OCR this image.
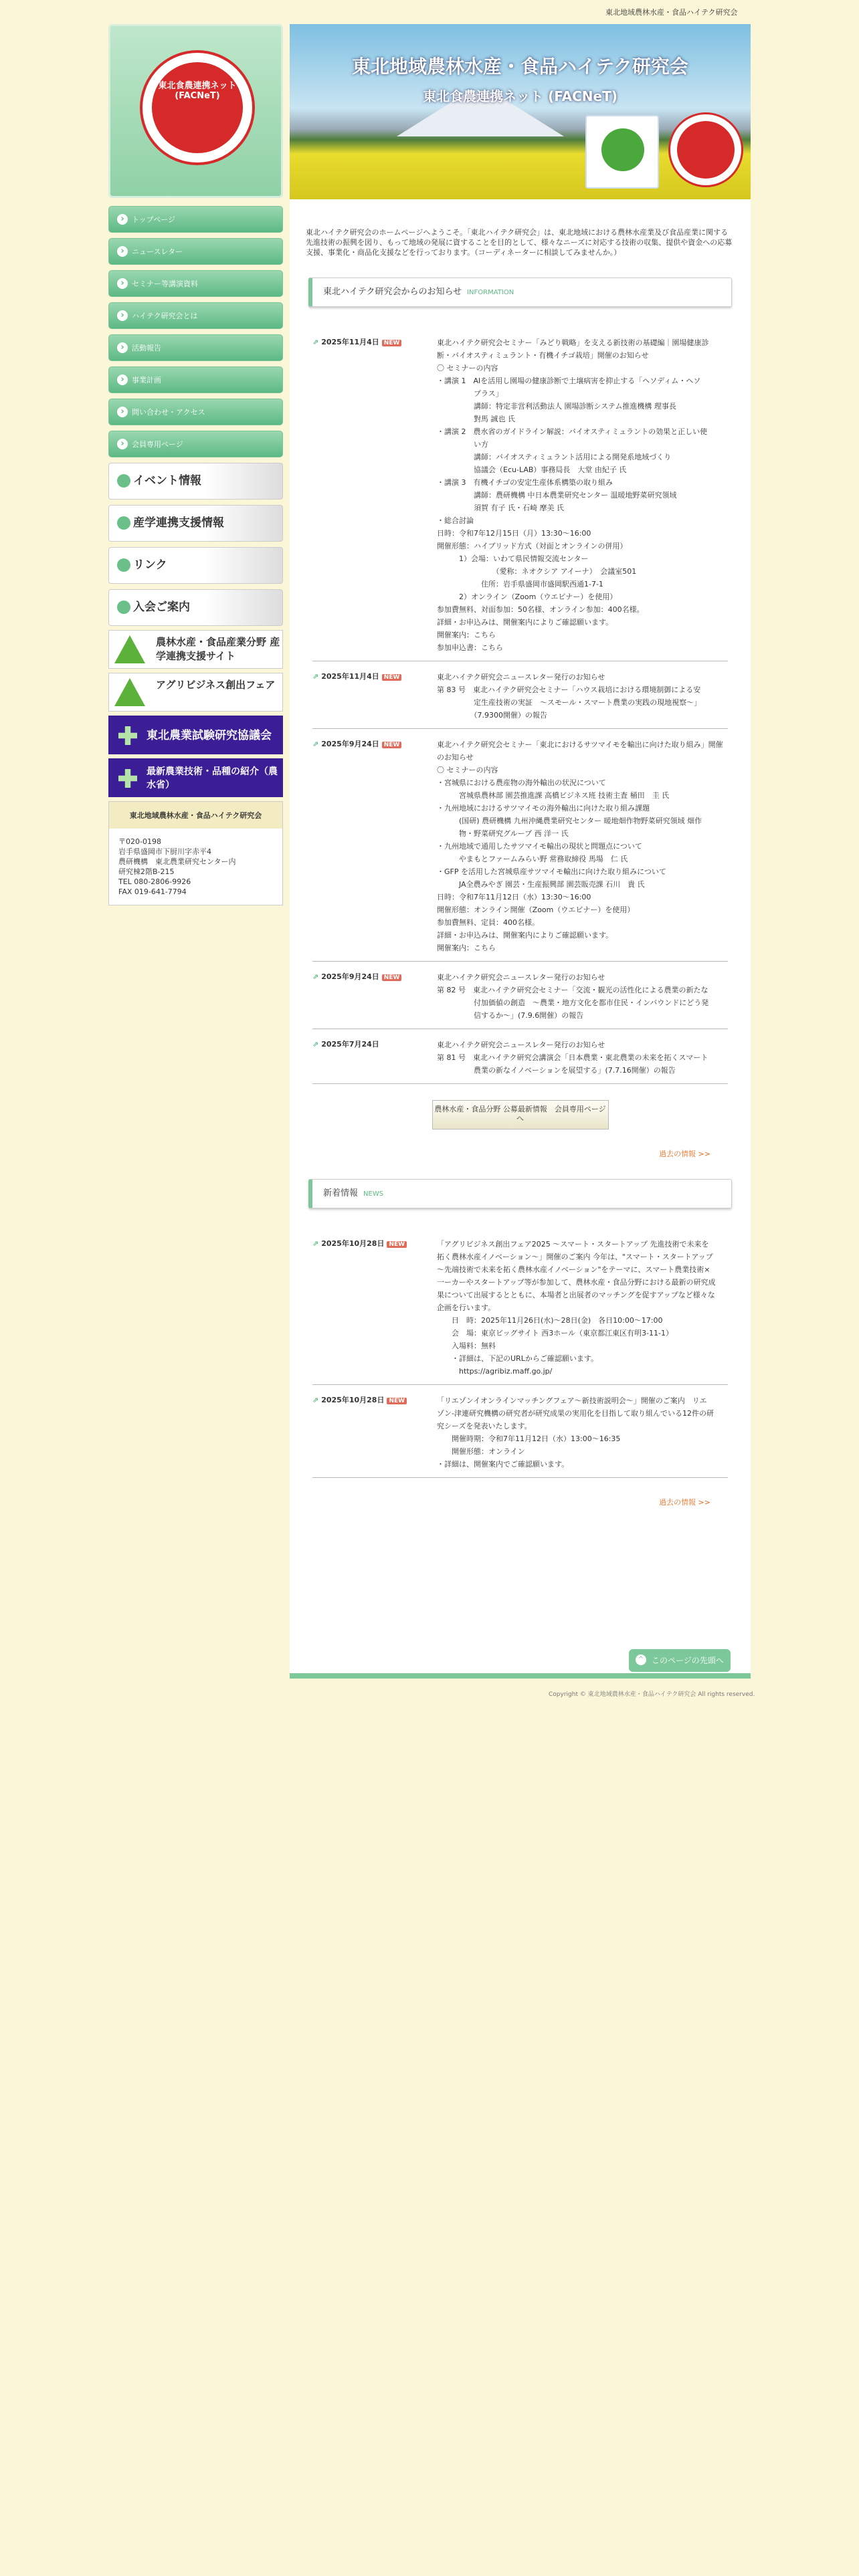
東北地域農林水産・食品ハイテク研究会
東北食農連携ネット (FACNeT)
› トップページ
› ニュースレター
› セミナー等講演資料
› ハイテク研究会とは
› 活動報告
› 事業計画
› 問い合わせ・アクセス
› 会員専用ページ
イベント情報
産学連携支援情報
リンク
入会ご案内
農林水産・食品産業分野 産学連携支援サイト
アグリビジネス創出フェア
東北農業試験研究協議会
最新農業技術・品種の紹介（農水省）
東北地域農林水産・食品ハイテク研究会
〒020-0198
岩手県盛岡市下厨川字赤平4
農研機構　東北農業研究センター内
研究棟2階B-215
TEL 080-2806-9926
FAX 019-641-7794
東北地域農林水産・食品ハイテク研究会
東北食農連携ネット (FACNeT)
東北ハイテク研究会のホームページへようこそ。「東北ハイテク研究会」は、東北地域における農林水産業及び食品産業に関する先進技術の振興を図り、もって地域の発展に資することを目的として、様々なニーズに対応する技術の収集、提供や資金への応募支援、事業化・商品化支援などを行っております。（コーディネーターに相談してみませんか。）
東北ハイテク研究会からのお知らせ INFORMATION
⇗ 2025年11月4日 NEW	東北ハイテク研究会セミナー「みどり戦略」を支える新技術の基礎編｜園場健康診
断・バイオスティミュラント・有機イチゴ栽培」開催のお知らせ
〇 セミナーの内容
・講演 1　AIを活用し園場の健康診断で土壌病害を抑止する「ヘソディム・ヘソ
　　　　　プラス」
　　　　　講師：特定非営利活動法人 園場診断システム推進機構 理事長
　　　　　對馬 誠也 氏
・講演 2　農水省のガイドライン解説：バイオスティミュラントの効果と正しい使
　　　　　い方
　　　　　講師：バイオスティミュラント活用による開発系地域づくり
　　　　　協議会（Ecu-LAB）事務局長　大堂 由紀子 氏
・講演 3　有機イチゴの安定生産体系構築の取り組み
　　　　　講師：農研機構 中日本農業研究センター 温暖地野菜研究領域
　　　　　須賀 有子 氏・石崎 摩美 氏
・総合討論
日時：令和7年12月15日（月）13:30〜16:00
開催形態：ハイブリッド方式（対面とオンラインの併用）
　　　1）会場：いわて県民情報交流センター
　　　　　　　　（愛称：ネオクシア アイーナ）　会議室501
　　　　　　住所：岩手県盛岡市盛岡駅西通1-7-1
　　　2）オンライン（Zoom（ウエビナー）を使用）
参加費無料、対面参加：50名様、オンライン参加：400名様。
詳細・お申込みは、開催案内によりご確認願います。
開催案内：こちら
参加申込書：こちら
⇗ 2025年11月4日 NEW	東北ハイテク研究会ニュースレター発行のお知らせ
第 83 号　東北ハイテク研究会セミナー「ハウス栽培における環境制御による安
　　　　　定生産技術の実証　〜スモール・スマート農業の実践の現地視察〜」
　　　　　（7.9300開催）の報告
⇗ 2025年9月24日 NEW	東北ハイテク研究会セミナー「東北におけるサツマイモを輸出に向けた取り組み」開催
のお知らせ
〇 セミナーの内容
・宮城県における農産物の海外輸出の状況について
　　　宮城県農林部 園芸推進課 高橋ビジネス班 技術主査 桶田　圭 氏
・九州地域におけるサツマイモの海外輸出に向けた取り組み課題
　　　(国研) 農研機構 九州沖縄農業研究センター 暖地畑作物野菜研究領域 畑作
　　　物・野菜研究グループ 西 洋一 氏
・九州地域で通用したサツマイモ輸出の現状と問題点について
　　　やまもとファームみらい野 常務取締役 馬場　仁 氏
・GFP を活用した宮城県産サツマイモ輸出に向けた取り組みについて
　　　JA全農みやぎ 園芸・生産振興部 園芸販売課 石川　貴 氏
日時：令和7年11月12日（水）13:30〜16:00
開催形態：オンライン開催（Zoom（ウエビナー）を使用）
参加費無料、定員：400名様。
詳細・お申込みは、開催案内によりご確認願います。
開催案内：こちら
⇗ 2025年9月24日 NEW	東北ハイテク研究会ニュースレター発行のお知らせ
第 82 号　東北ハイテク研究会セミナー「交流・観光の活性化による農業の新たな
　　　　　付加価値の創造　〜農業・地方文化を都市住民・インバウンドにどう発
　　　　　信するか〜」(7.9.6開催）の報告
⇗ 2025年7月24日	東北ハイテク研究会ニュースレター発行のお知らせ
第 81 号　東北ハイテク研究会講演会「日本農業・東北農業の未来を拓くスマート
　　　　　農業の新なイノベーションを展望する」(7.7.16開催）の報告
農林水産・食品分野 公募最新情報　会員専用ページへ
過去の情報 >>
新着情報 NEWS
⇗ 2025年10月28日 NEW	「アグリビジネス創出フェア2025 〜スマート・スタートアップ 先進技術で未来を
拓く農林水産イノベーション〜」開催のご案内 今年は、"スマート・スタートアップ
〜先端技術で未来を拓く農林水産イノベーション"をテーマに、スマート農業技術×
一ーカーやスタートアップ等が参加して、農林水産・食品分野における最新の研究成
果について出展するとともに、本場者と出展者のマッチングを促すアップなど様々な
企画を行います。
　　日　時：2025年11月26日(水)〜28日(金)　各日10:00〜17:00
　　会　場：東京ビッグサイト 西3ホール（東京都江東区有明3-11-1）
　　入場料：無料
　　・詳細は、下記のURLからご確認願います。
　　　https://agribiz.maff.go.jp/
⇗ 2025年10月28日 NEW	「リエゾンイオンラインマッチングフェア〜新技術説明会〜」開催のご案内　リエ
ゾン-津連研究機構の研究者が研究成果の実用化を目指して取り組んでいる12件の研
究シーズを発表いたします。
　　開催時期：令和7年11月12日（水）13:00〜16:35
　　開催形態：オンライン
・詳細は、開催案内でご確認願います。
過去の情報 >>
^ このページの先頭へ
Copyright © 東北地域農林水産・食品ハイテク研究会 All rights reserved.
